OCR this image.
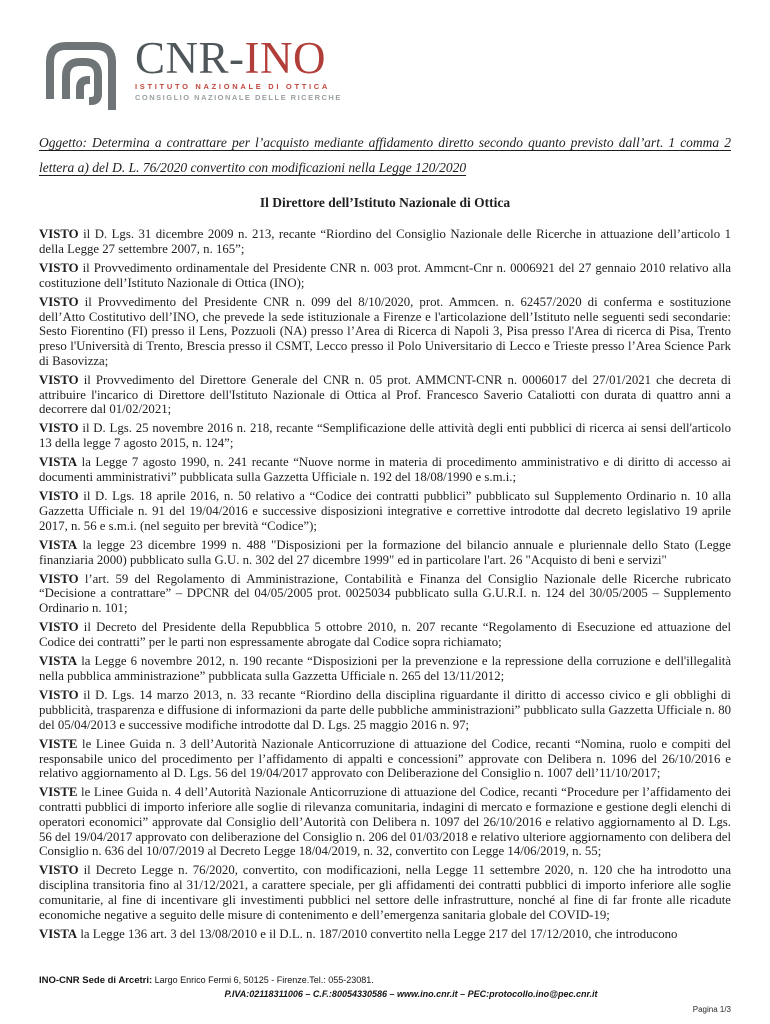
CNR-INO
ISTITUTO NAZIONALE DI OTTICA
CONSIGLIO NAZIONALE DELLE RICERCHE

Oggetto: Determina a contrattare per l’acquisto mediante affidamento diretto secondo quanto previsto dall’art. 1 comma 2 lettera a) del D. L. 76/2020 convertito con modificazioni nella Legge 120/2020

Il Direttore dell’Istituto Nazionale di Ottica

VISTO il D. Lgs. 31 dicembre 2009 n. 213, recante “Riordino del Consiglio Nazionale delle Ricerche in attuazione dell’articolo 1 della Legge 27 settembre 2007, n. 165”;

VISTO il Provvedimento ordinamentale del Presidente CNR n. 003 prot. Ammcnt-Cnr n. 0006921 del 27 gennaio 2010 relativo alla costituzione dell’Istituto Nazionale di Ottica (INO);

VISTO il Provvedimento del Presidente CNR n. 099 del 8/10/2020, prot. Ammcen. n. 62457/2020 di conferma e sostituzione dell’Atto Costitutivo dell’INO, che prevede la sede istituzionale a Firenze e l'articolazione dell’Istituto nelle seguenti sedi secondarie: Sesto Fiorentino (FI) presso il Lens, Pozzuoli (NA) presso l’Area di Ricerca di Napoli 3, Pisa presso l'Area di ricerca di Pisa, Trento preso l'Università di Trento, Brescia presso il CSMT, Lecco presso il Polo Universitario di Lecco e Trieste presso l’Area Science Park di Basovizza;

VISTO il Provvedimento del Direttore Generale del CNR n. 05 prot. AMMCNT-CNR n. 0006017 del 27/01/2021 che decreta di attribuire l'incarico di Direttore dell'Istituto Nazionale di Ottica al Prof. Francesco Saverio Cataliotti con durata di quattro anni a decorrere dal 01/02/2021;

VISTO il D. Lgs. 25 novembre 2016 n. 218, recante “Semplificazione delle attività degli enti pubblici di ricerca ai sensi dell'articolo 13 della legge 7 agosto 2015, n. 124”;

VISTA la Legge 7 agosto 1990, n. 241 recante “Nuove norme in materia di procedimento amministrativo e di diritto di accesso ai documenti amministrativi” pubblicata sulla Gazzetta Ufficiale n. 192 del 18/08/1990 e s.m.i.;

VISTO il D. Lgs. 18 aprile 2016, n. 50 relativo a “Codice dei contratti pubblici” pubblicato sul Supplemento Ordinario n. 10 alla Gazzetta Ufficiale n. 91 del 19/04/2016 e successive disposizioni integrative e correttive introdotte dal decreto legislativo 19 aprile 2017, n. 56 e s.m.i. (nel seguito per brevità “Codice”);

VISTA la legge 23 dicembre 1999 n. 488 "Disposizioni per la formazione del bilancio annuale e pluriennale dello Stato (Legge finanziaria 2000) pubblicato sulla G.U. n. 302 del 27 dicembre 1999" ed in particolare l'art. 26 "Acquisto di beni e servizi"

VISTO l’art. 59 del Regolamento di Amministrazione, Contabilità e Finanza del Consiglio Nazionale delle Ricerche rubricato “Decisione a contrattare” – DPCNR del 04/05/2005 prot. 0025034 pubblicato sulla G.U.R.I. n. 124 del 30/05/2005 – Supplemento Ordinario n. 101;

VISTO il Decreto del Presidente della Repubblica 5 ottobre 2010, n. 207 recante “Regolamento di Esecuzione ed attuazione del Codice dei contratti” per le parti non espressamente abrogate dal Codice sopra richiamato;

VISTA la Legge 6 novembre 2012, n. 190 recante “Disposizioni per la prevenzione e la repressione della corruzione e dell'illegalità nella pubblica amministrazione” pubblicata sulla Gazzetta Ufficiale n. 265 del 13/11/2012;

VISTO il D. Lgs. 14 marzo 2013, n. 33 recante “Riordino della disciplina riguardante il diritto di accesso civico e gli obblighi di pubblicità, trasparenza e diffusione di informazioni da parte delle pubbliche amministrazioni” pubblicato sulla Gazzetta Ufficiale n. 80 del 05/04/2013 e successive modifiche introdotte dal D. Lgs. 25 maggio 2016 n. 97;

VISTE le Linee Guida n. 3 dell’Autorità Nazionale Anticorruzione di attuazione del Codice, recanti “Nomina, ruolo e compiti del responsabile unico del procedimento per l’affidamento di appalti e concessioni” approvate con Delibera n. 1096 del 26/10/2016 e relativo aggiornamento al D. Lgs. 56 del 19/04/2017 approvato con Deliberazione del Consiglio n. 1007 dell’11/10/2017;

VISTE le Linee Guida n. 4 dell’Autorità Nazionale Anticorruzione di attuazione del Codice, recanti “Procedure per l’affidamento dei contratti pubblici di importo inferiore alle soglie di rilevanza comunitaria, indagini di mercato e formazione e gestione degli elenchi di operatori economici” approvate dal Consiglio dell’Autorità con Delibera n. 1097 del 26/10/2016 e relativo aggiornamento al D. Lgs. 56 del 19/04/2017 approvato con deliberazione del Consiglio n. 206 del 01/03/2018 e relativo ulteriore aggiornamento con delibera del Consiglio n. 636 del 10/07/2019 al Decreto Legge 18/04/2019, n. 32, convertito con Legge 14/06/2019, n. 55;

VISTO il Decreto Legge n. 76/2020, convertito, con modificazioni, nella Legge 11 settembre 2020, n. 120 che ha introdotto una disciplina transitoria fino al 31/12/2021, a carattere speciale, per gli affidamenti dei contratti pubblici di importo inferiore alle soglie comunitarie, al fine di incentivare gli investimenti pubblici nel settore delle infrastrutture, nonché al fine di far fronte alle ricadute economiche negative a seguito delle misure di contenimento e dell’emergenza sanitaria globale del COVID-19;

VISTA la Legge 136 art. 3 del 13/08/2010 e il D.L. n. 187/2010 convertito nella Legge 217 del 17/12/2010, che introducono

INO-CNR Sede di Arcetri: Largo Enrico Fermi 6, 50125 - Firenze.Tel.: 055-23081.
P.IVA:02118311006 – C.F.:80054330586 – www.ino.cnr.it – PEC:protocollo.ino@pec.cnr.it
Pagina 1/3
